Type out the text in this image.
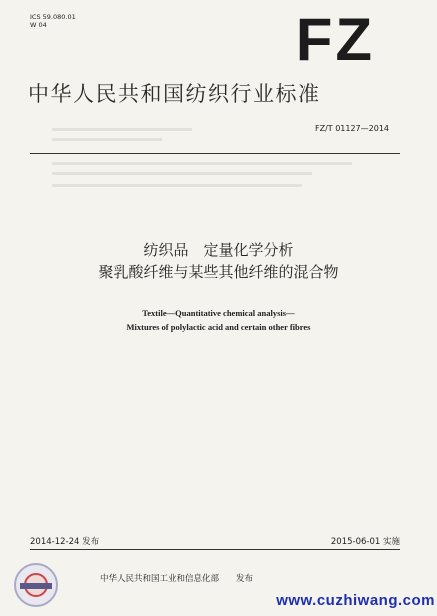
ICS 59.080.01
W 04	FZ
中华人民共和国纺织行业标准
FZ/T 01127—2014
纺织品　定量化学分析
聚乳酸纤维与某些其他纤维的混合物
Textile—Quantitative chemical analysis—
Mixtures of polylactic acid and certain other fibres
2014-12-24 发布	2015-06-01 实施
中华人民共和国工业和信息化部　　发布
www.cuzhiwang.com
